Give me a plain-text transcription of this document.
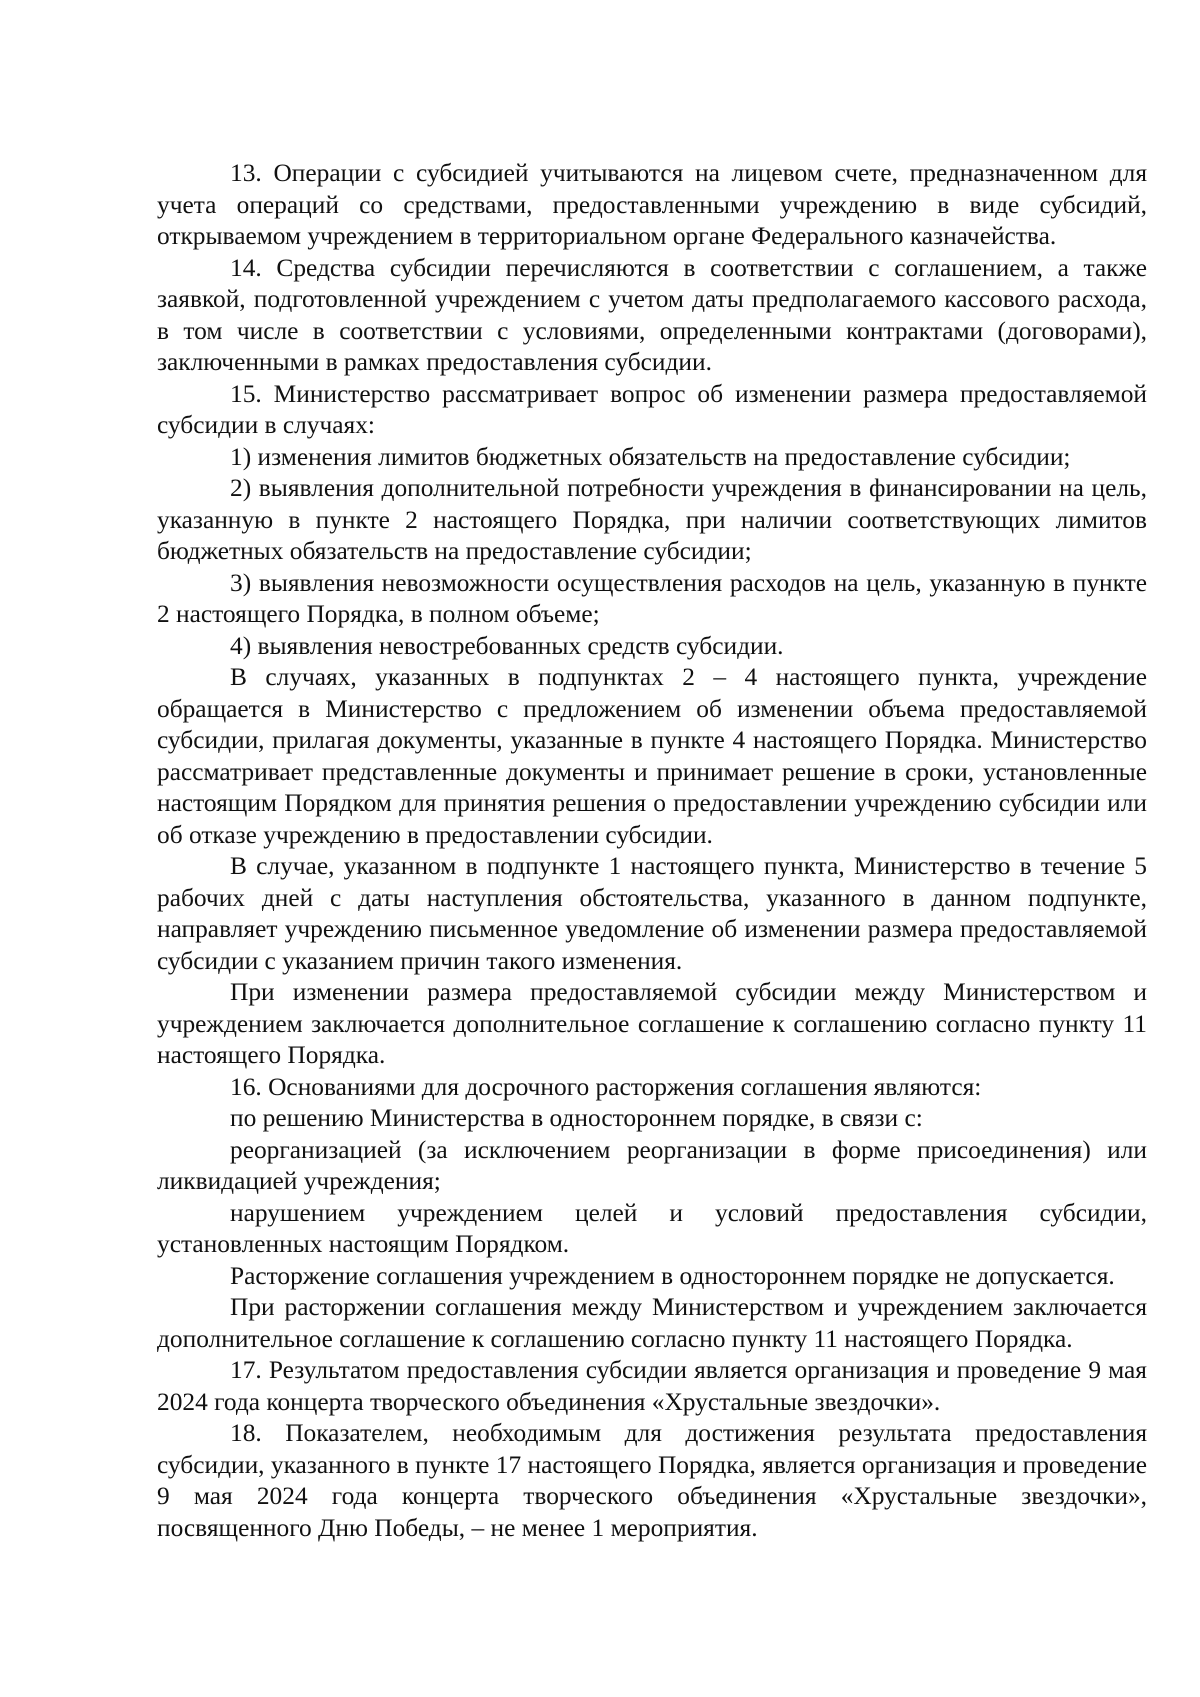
13. Операции с субсидией учитываются на лицевом счете, предназначенном для учета операций со средствами, предоставленными учреждению в виде субсидий, открываемом учреждением в территориальном органе Федерального казначейства.

14. Средства субсидии перечисляются в соответствии с соглашением, а также заявкой, подготовленной учреждением с учетом даты предполагаемого кассового расхода, в том числе в соответствии с условиями, определенными контрактами (договорами), заключенными в рамках предоставления субсидии.

15. Министерство рассматривает вопрос об изменении размера предоставляемой субсидии в случаях:

1) изменения лимитов бюджетных обязательств на предоставление субсидии;

2) выявления дополнительной потребности учреждения в финансировании на цель, указанную в пункте 2 настоящего Порядка, при наличии соответствующих лимитов бюджетных обязательств на предоставление субсидии;

3) выявления невозможности осуществления расходов на цель, указанную в пункте 2 настоящего Порядка, в полном объеме;

4) выявления невостребованных средств субсидии.

В случаях, указанных в подпунктах 2 – 4 настоящего пункта, учреждение обращается в Министерство с предложением об изменении объема предоставляемой субсидии, прилагая документы, указанные в пункте 4 настоящего Порядка. Министерство рассматривает представленные документы и принимает решение в сроки, установленные настоящим Порядком для принятия решения о предоставлении учреждению субсидии или об отказе учреждению в предоставлении субсидии.

В случае, указанном в подпункте 1 настоящего пункта, Министерство в течение 5 рабочих дней с даты наступления обстоятельства, указанного в данном подпункте, направляет учреждению письменное уведомление об изменении размера предоставляемой субсидии с указанием причин такого изменения.

При изменении размера предоставляемой субсидии между Министерством и учреждением заключается дополнительное соглашение к соглашению согласно пункту 11 настоящего Порядка.

16. Основаниями для досрочного расторжения соглашения являются:

по решению Министерства в одностороннем порядке, в связи с:

реорганизацией (за исключением реорганизации в форме присоединения) или ликвидацией учреждения;

нарушением учреждением целей и условий предоставления субсидии, установленных настоящим Порядком.

Расторжение соглашения учреждением в одностороннем порядке не допускается.

При расторжении соглашения между Министерством и учреждением заключается дополнительное соглашение к соглашению согласно пункту 11 настоящего Порядка.

17. Результатом предоставления субсидии является организация и проведение 9 мая 2024 года концерта творческого объединения «Хрустальные звездочки».

18. Показателем, необходимым для достижения результата предоставления субсидии, указанного в пункте 17 настоящего Порядка, является организация и проведение 9 мая 2024 года концерта творческого объединения «Хрустальные звездочки», посвященного Дню Победы, – не менее 1 мероприятия.
